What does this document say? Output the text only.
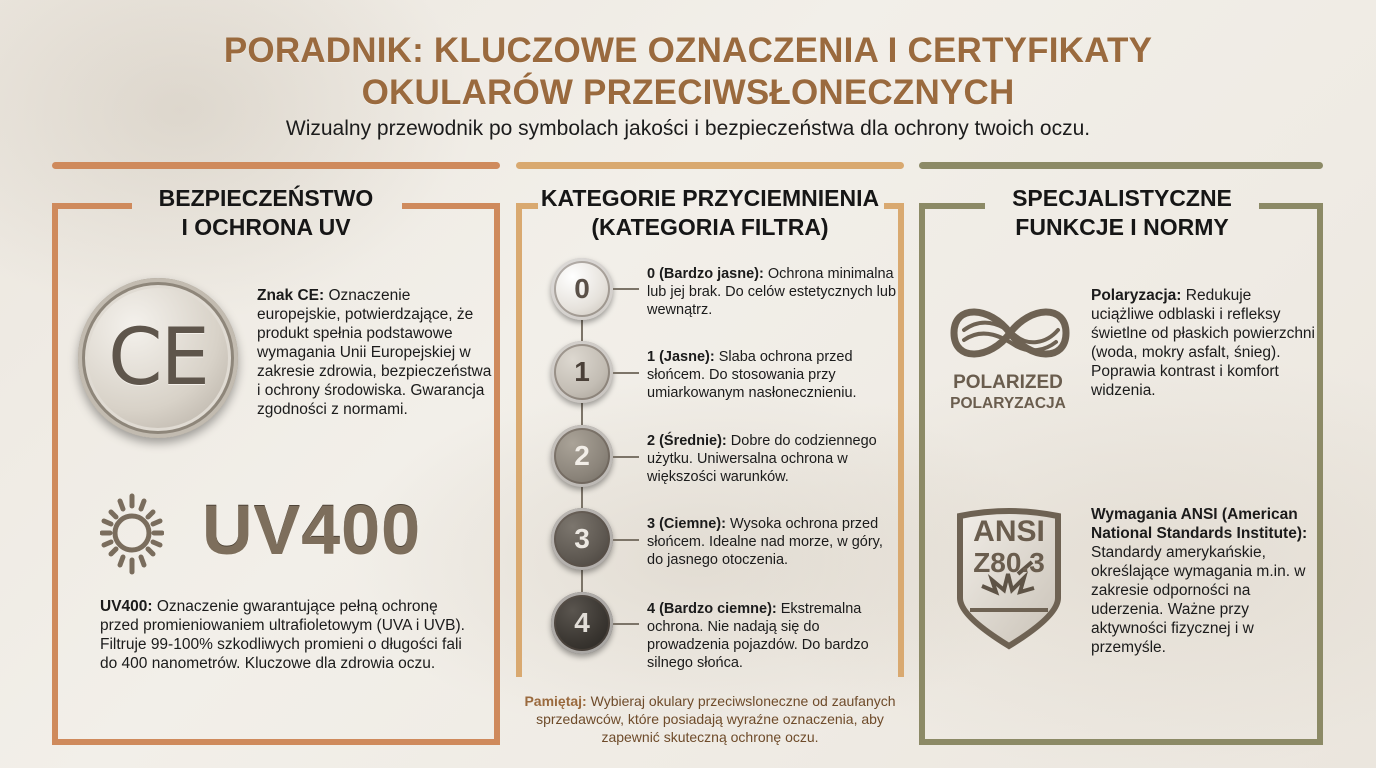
PORADNIK: KLUCZOWE OZNACZENIA I CERTYFIKATY
OKULARÓW PRZECIWSŁONECZNYCH
Wizualny przewodnik po symbolach jakości i bezpieczeństwa dla ochrony twoich oczu.
BEZPIECZEŃSTWO
I OCHRONA UV
CE
Znak CE: Oznaczenie europejskie, potwierdzające, że produkt spełnia podstawowe wymagania Unii Europejskiej w zakresie zdrowia, bezpieczeństwa i ochrony środowiska. Gwarancja zgodności z normami.
UV400
UV400: Oznaczenie gwarantujące pełną ochronę przed promieniowaniem ultrafioletowym (UVA i UVB). Filtruje 99-100% szkodliwych promieni o długości fali do 400 nanometrów. Kluczowe dla zdrowia oczu.
KATEGORIE PRZYCIEMNIENIA
(KATEGORIA FILTRA)
0	0 (Bardzo jasne): Ochrona minimalna lub jej brak. Do celów estetycznych lub wewnątrz.
1	1 (Jasne): Slaba ochrona przed słońcem. Do stosowania przy umiarkowanym nasłonecznieniu.
2	2 (Średnie): Dobre do codziennego użytku. Uniwersalna ochrona w większości warunków.
3	3 (Ciemne): Wysoka ochrona przed słońcem. Idealne nad morze, w góry, do jasnego otoczenia.
4	4 (Bardzo ciemne): Ekstremalna ochrona. Nie nadają się do prowadzenia pojazdów. Do bardzo silnego słońca.
Pamiętaj: Wybieraj okulary przeciwsloneczne od zaufanych sprzedawców, które posiadają wyraźne oznaczenia, aby zapewnić skuteczną ochronę oczu.
SPECJALISTYCZNE
FUNKCJE I NORMY
POLARIZED
POLARYZACJA
Polaryzacja: Redukuje uciążliwe odblaski i refleksy świetlne od płaskich powierzchni (woda, mokry asfalt, śnieg). Poprawia kontrast i komfort widzenia.
ANSI
Z80.3
Wymagania ANSI (American National Standards Institute): Standardy amerykańskie, określające wymagania m.in. w zakresie odporności na uderzenia. Ważne przy aktywności fizycznej i w przemyśle.
